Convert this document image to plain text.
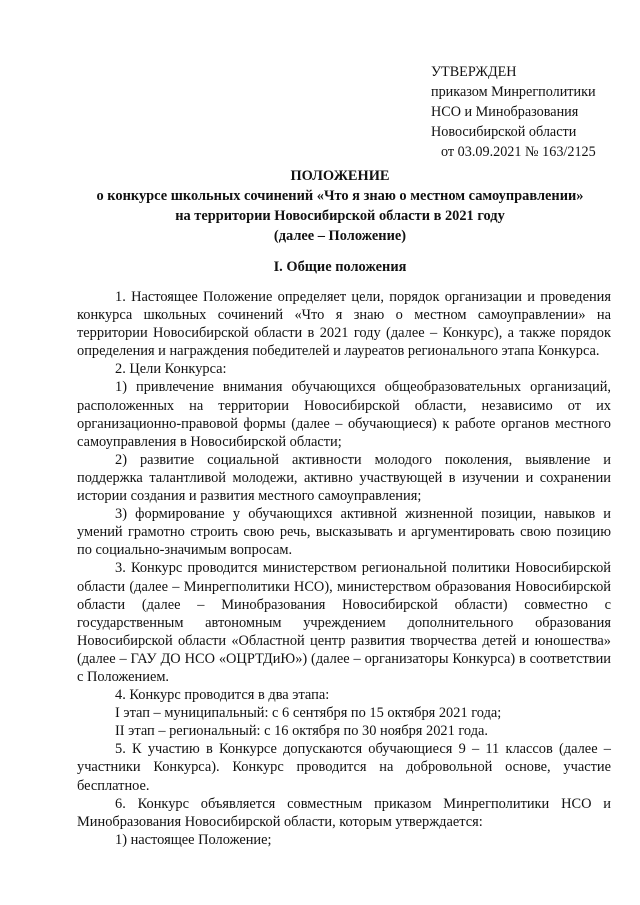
УТВЕРЖДЕН
приказом Минрегполитики
НСО и Минобразования
Новосибирской области
от 03.09.2021 № 163/2125
ПОЛОЖЕНИЕ
о конкурсе школьных сочинений «Что я знаю о местном самоуправлении»
на территории Новосибирской области в 2021 году
(далее – Положение)
I. Общие положения

1. Настоящее Положение определяет цели, порядок организации и проведения конкурса школьных сочинений «Что я знаю о местном самоуправлении» на территории Новосибирской области в 2021 году (далее – Конкурс), а также порядок определения и награждения победителей и лауреатов регионального этапа Конкурса.

2. Цели Конкурса:

1) привлечение внимания обучающихся общеобразовательных организаций, расположенных на территории Новосибирской области, независимо от их организационно-правовой формы (далее – обучающиеся) к работе органов местного самоуправления в Новосибирской области;

2) развитие социальной активности молодого поколения, выявление и поддержка талантливой молодежи, активно участвующей в изучении и сохранении истории создания и развития местного самоуправления;

3) формирование у обучающихся активной жизненной позиции, навыков и умений грамотно строить свою речь, высказывать и аргументировать свою позицию по социально-значимым вопросам.

3. Конкурс проводится министерством региональной политики Новосибирской области (далее – Минрегполитики НСО), министерством образования Новосибирской области (далее – Минобразования Новосибирской области) совместно с государственным автономным учреждением дополнительного образования Новосибирской области «Областной центр развития творчества детей и юношества» (далее – ГАУ ДО НСО «ОЦРТДиЮ») (далее – организаторы Конкурса) в соответствии с Положением.

4. Конкурс проводится в два этапа:

I этап – муниципальный: с 6 сентября по 15 октября 2021 года;

II этап – региональный: с 16 октября по 30 ноября 2021 года.

5. К участию в Конкурсе допускаются обучающиеся 9 – 11 классов (далее – участники Конкурса). Конкурс проводится на добровольной основе, участие бесплатное.

6. Конкурс объявляется совместным приказом Минрегполитики НСО и Минобразования Новосибирской области, которым утверждается:

1) настоящее Положение;
